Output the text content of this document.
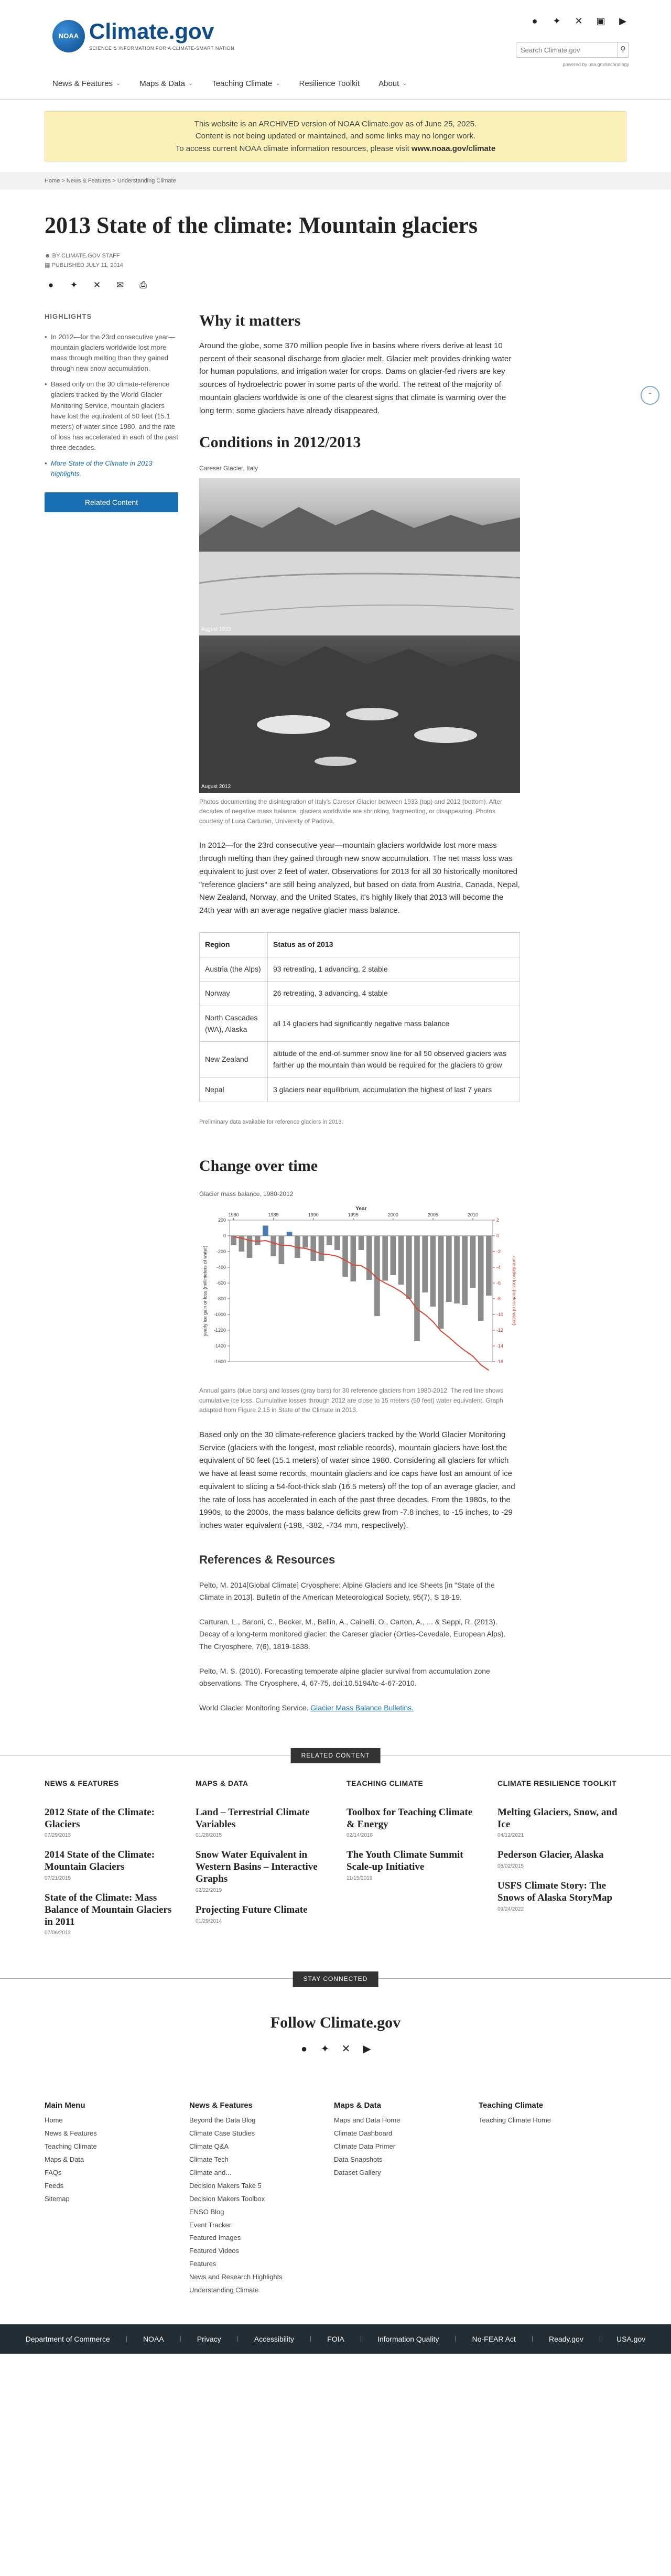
NOAA Climate.gov
SCIENCE & INFORMATION FOR A CLIMATE-SMART NATION
●	✦ ✕ ▣ ▶
Search Climate.gov
⚲
powered by usa.gov/technology
News & Features ⌄ Maps & Data ⌄ Teaching Climate ⌄ Resilience Toolkit About ⌄
This website is an ARCHIVED version of NOAA Climate.gov as of June 25, 2025.
Content is not being updated or maintained, and some links may no longer work.
To access current NOAA climate information resources, please visit www.noaa.gov/climate
Home > News & Features > Understanding Climate
2013 State of the climate: Mountain glaciers
☻ BY CLIMATE.GOV STAFF
▦ PUBLISHED JULY 11, 2014
●	✦ ✕ ✉	⎙
HIGHLIGHTS
• In 2012—for the 23rd consecutive year—mountain glaciers worldwide lost more mass through melting than they gained through new snow accumulation.
• Based only on the 30 climate-reference glaciers tracked by the World Glacier Monitoring Service, mountain glaciers have lost the equivalent of 50 feet (15.1 meters) of water since 1980, and the rate of loss has accelerated in each of the past three decades.
• More State of the Climate in 2013 highlights.
Related Content
Why it matters

Around the globe, some 370 million people live in basins where rivers derive at least 10 percent of their seasonal discharge from glacier melt. Glacier melt provides drinking water for human populations, and irrigation water for crops. Dams on glacier-fed rivers are key sources of hydroelectric power in some parts of the world. The retreat of the majority of mountain glaciers worldwide is one of the clearest signs that climate is warming over the long term; some glaciers have already disappeared.

Conditions in 2012/2013
Careser Glacier, Italy
August 1933
August 2012
Photos documenting the disintegration of Italy's Careser Glacier between 1933 (top) and 2012 (bottom). After decades of negative mass balance, glaciers worldwide are shrinking, fragmenting, or disappearing. Photos courtesy of Luca Carturan, University of Padova.

In 2012—for the 23rd consecutive year—mountain glaciers worldwide lost more mass through melting than they gained through new snow accumulation. The net mass loss was equivalent to just over 2 feet of water. Observations for 2013 for all 30 historically monitored "reference glaciers" are still being analyzed, but based on data from Austria, Canada, Nepal, New Zealand, Norway, and the United States, it's highly likely that 2013 will become the 24th year with an average negative glacier mass balance.

Region	Status as of 2013
Austria (the Alps)	93 retreating, 1 advancing, 2 stable
Norway	26 retreating, 3 advancing, 4 stable
North Cascades (WA), Alaska	all 14 glaciers had significantly negative mass balance
New Zealand	altitude of the end-of-summer snow line for all 50 observed glaciers was farther up the mountain than would be required for the glaciers to grow
Nepal	3 glaciers near equilibrium, accumulation the highest of last 7 years
Preliminary data available for reference glaciers in 2013.
Change over time
Glacier mass balance, 1980-2012
200
0
-200
-400
-600
-800
-1000
-1200
-1400
-1600
2
0
-2
-4
-6
-8
-10
-12
-14
-16
1980	1985	1990	1995	2000	2005	2010
Year
yearly ice gain or loss (millimeters of water)	cumulative loss (meters of water)
Annual gains (blue bars) and losses (gray bars) for 30 reference glaciers from 1980-2012. The red line shows cumulative ice loss. Cumulative losses through 2012 are close to 15 meters (50 feet) water equivalent. Graph adapted from Figure 2.15 in State of the Climate in 2013.

Based only on the 30 climate-reference glaciers tracked by the World Glacier Monitoring Service (glaciers with the longest, most reliable records), mountain glaciers have lost the equivalent of 50 feet (15.1 meters) of water since 1980. Considering all glaciers for which we have at least some records, mountain glaciers and ice caps have lost an amount of ice equivalent to slicing a 54-foot-thick slab (16.5 meters) off the top of an average glacier, and the rate of loss has accelerated in each of the past three decades. From the 1980s, to the 1990s, to the 2000s, the mass balance deficits grew from -7.8 inches, to -15 inches, to -29 inches water equivalent (-198, -382, -734 mm, respectively).

References & Resources

Pelto, M. 2014[Global Climate] Cryosphere: Alpine Glaciers and Ice Sheets [in "State of the Climate in 2013]. Bulletin of the American Meteorological Society, 95(7), S 18-19.

Carturan, L., Baroni, C., Becker, M., Bellin, A., Cainelli, O., Carton, A., ... & Seppi, R. (2013). Decay of a long-term monitored glacier: the Careser glacier (Ortles-Cevedale, European Alps). The Cryosphere, 7(6), 1819-1838.

Pelto, M. S. (2010). Forecasting temperate alpine glacier survival from accumulation zone observations. The Cryosphere, 4, 67-75, doi:10.5194/tc-4-67-2010.

World Glacier Monitoring Service. Glacier Mass Balance Bulletins.

⌃
RELATED CONTENT
NEWS & FEATURES
2012 State of the Climate: Glaciers
07/29/2013
2014 State of the Climate: Mountain Glaciers
07/21/2015
State of the Climate: Mass Balance of Mountain Glaciers in 2011
07/06/2012
MAPS & DATA
Land – Terrestrial Climate Variables
01/28/2015
Snow Water Equivalent in Western Basins – Interactive Graphs
02/22/2019
Projecting Future Climate
01/29/2014
TEACHING CLIMATE
Toolbox for Teaching Climate & Energy
02/14/2018
The Youth Climate Summit Scale-up Initiative
11/15/2019
CLIMATE RESILIENCE TOOLKIT
Melting Glaciers, Snow, and Ice
04/12/2021
Pederson Glacier, Alaska
08/02/2015
USFS Climate Story: The Snows of Alaska StoryMap
09/24/2022
STAY CONNECTED
Follow Climate.gov
● ✦ ✕ ▶
Main Menu
Home
News & Features
Teaching Climate
Maps & Data
FAQs
Feeds
Sitemap
News & Features
Beyond the Data Blog
Climate Case Studies
Climate Q&A
Climate Tech
Climate and...
Decision Makers Take 5
Decision Makers Toolbox
ENSO Blog
Event Tracker
Featured Images
Featured Videos
Features
News and Research Highlights
Understanding Climate
Maps & Data
Maps and Data Home
Climate Dashboard
Climate Data Primer
Data Snapshots
Dataset Gallery
Teaching Climate
Teaching Climate Home
Department of Commerce	| NOAA	| Privacy	| Accessibility	| FOIA	| Information Quality	| No-FEAR Act	| Ready.gov	| USA.gov
